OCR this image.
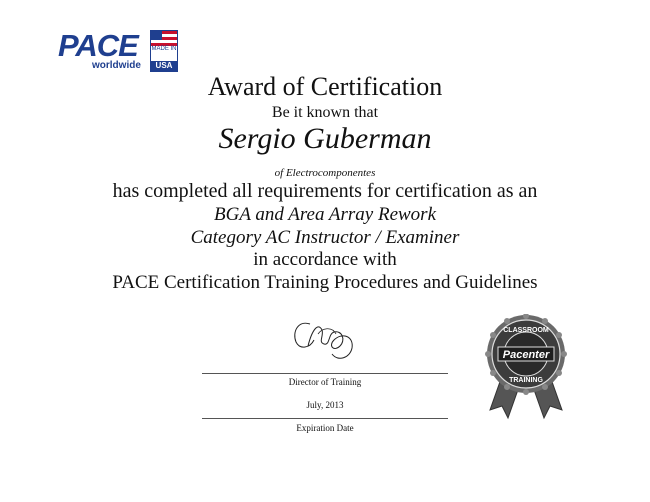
PACE
worldwide
MADE IN
USA
Award of Certification
Be it known that
Sergio Guberman
of Electrocomponentes
has completed all requirements for certification as an
BGA and Area Array Rework
Category AC Instructor / Examiner
in accordance with
PACE Certification Training Procedures and Guidelines
Director of Training
July, 2013
Expiration Date
CLASSROOM
Pacenter
TRAINING
